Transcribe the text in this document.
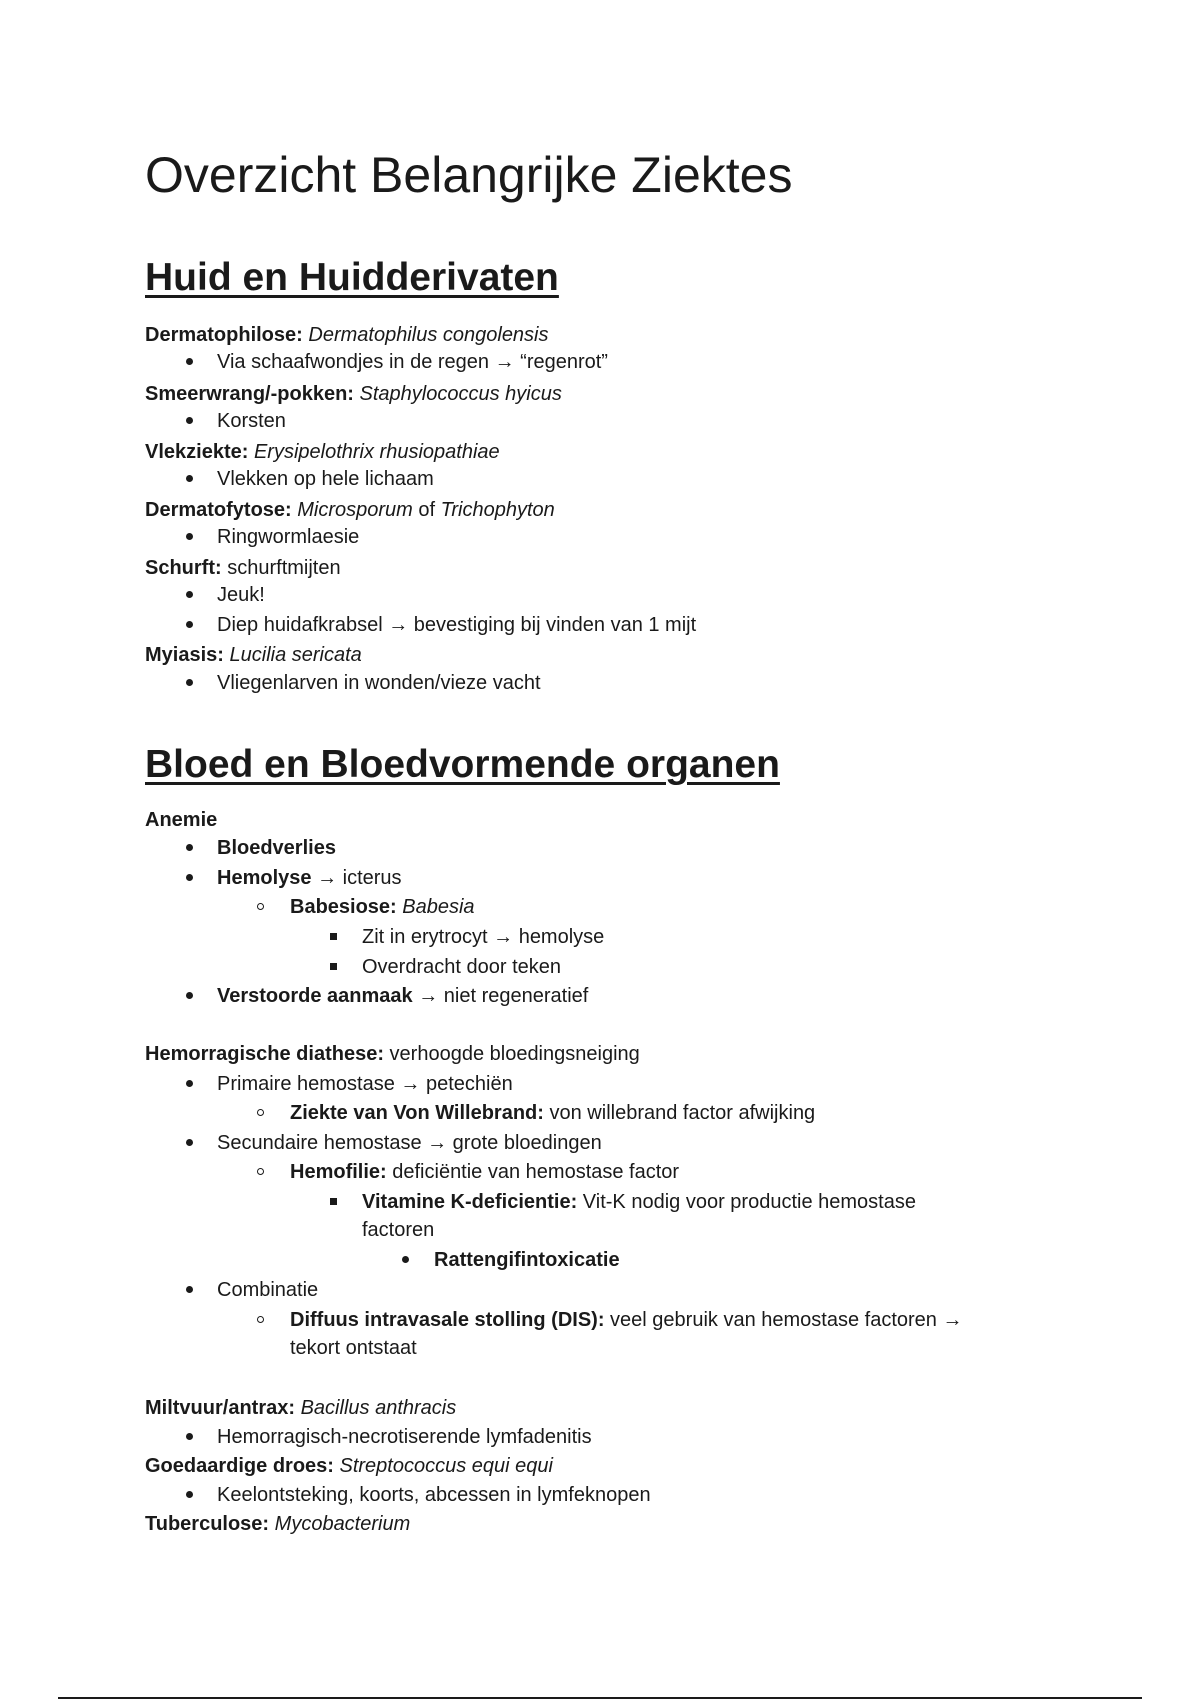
Overzicht Belangrijke Ziektes
Huid en Huidderivaten
Dermatophilose: Dermatophilus congolensis
Via schaafwondjes in de regen → “regenrot”
Smeerwrang/-pokken: Staphylococcus hyicus
Korsten
Vlekziekte: Erysipelothrix rhusiopathiae
Vlekken op hele lichaam
Dermatofytose: Microsporum of Trichophyton
Ringwormlaesie
Schurft: schurftmijten
Jeuk!
Diep huidafkrabsel → bevestiging bij vinden van 1 mijt
Myiasis: Lucilia sericata
Vliegenlarven in wonden/vieze vacht
Bloed en Bloedvormende organen
Anemie
Bloedverlies
Hemolyse → icterus
Babesiose: Babesia
Zit in erytrocyt → hemolyse
Overdracht door teken
Verstoorde aanmaak → niet regeneratief
Hemorragische diathese: verhoogde bloedingsneiging
Primaire hemostase → petechiën
Ziekte van Von Willebrand: von willebrand factor afwijking
Secundaire hemostase → grote bloedingen
Hemofilie: deficiëntie van hemostase factor
Vitamine K-deficientie: Vit-K nodig voor productie hemostase
factoren
Rattengifintoxicatie
Combinatie
Diffuus intravasale stolling (DIS): veel gebruik van hemostase factoren →
tekort ontstaat
Miltvuur/antrax: Bacillus anthracis
Hemorragisch-necrotiserende lymfadenitis
Goedaardige droes: Streptococcus equi equi
Keelontsteking, koorts, abcessen in lymfeknopen
Tuberculose: Mycobacterium
